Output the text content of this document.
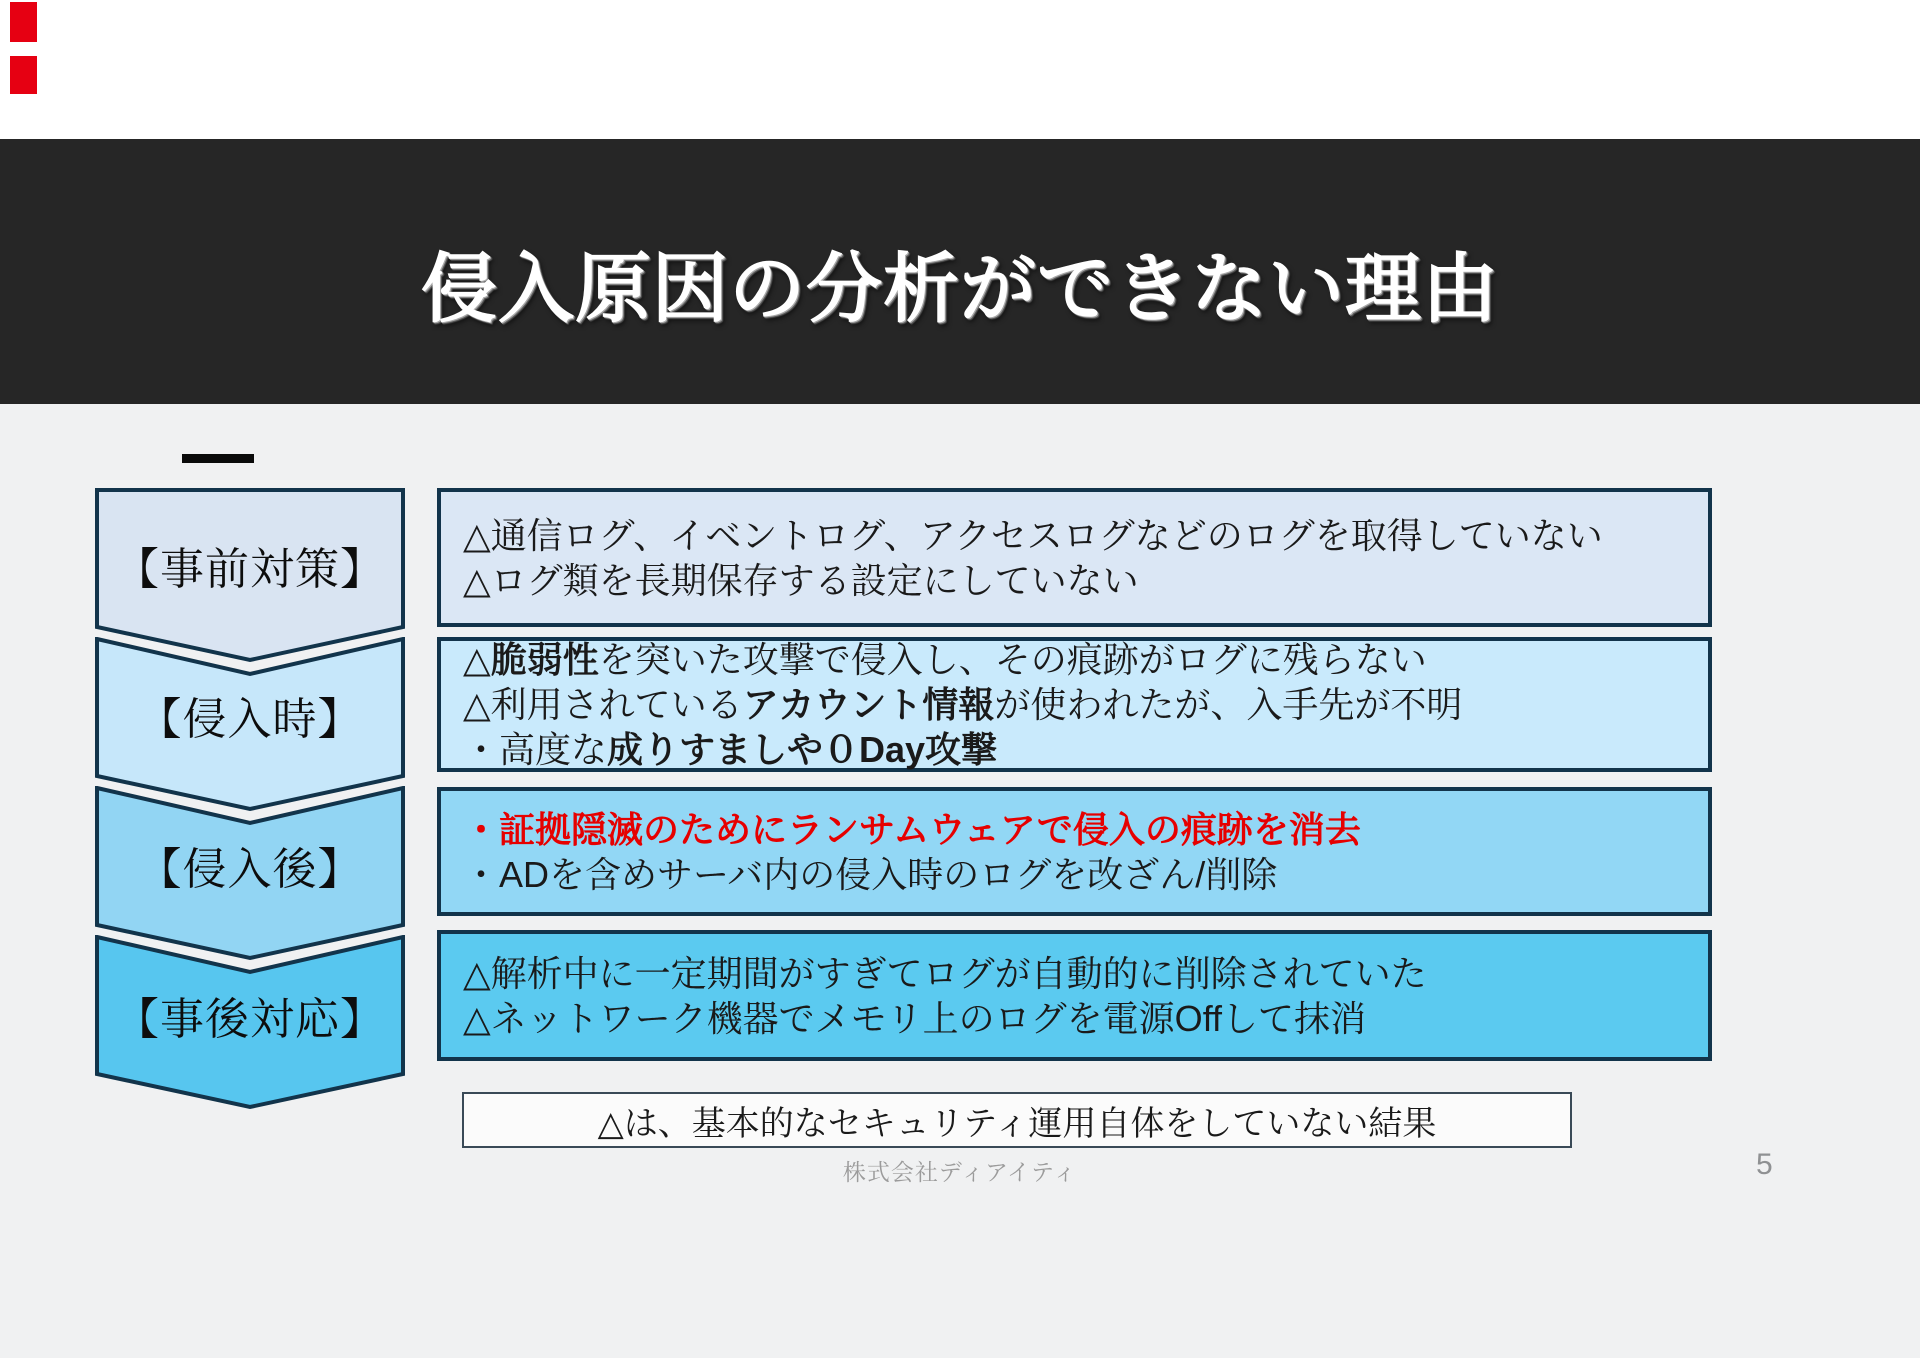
侵入原因の分析ができない理由
【事前対策】
【侵入時】
【侵入後】
【事後対応】
△通信ログ、イベントログ、アクセスログなどのログを取得していない
△ログ類を長期保存する設定にしていない
△脆弱性を突いた攻撃で侵入し、その痕跡がログに残らない
△利用されているアカウント情報が使われたが、入手先が不明
・高度な成りすましや０Day攻撃
・証拠隠滅のためにランサムウェアで侵入の痕跡を消去
・ADを含めサーバ内の侵入時のログを改ざん/削除
△解析中に一定期間がすぎてログが自動的に削除されていた
△ネットワーク機器でメモリ上のログを電源Offして抹消
△は、基本的なセキュリティ運用自体をしていない結果
株式会社ディアイティ	5
